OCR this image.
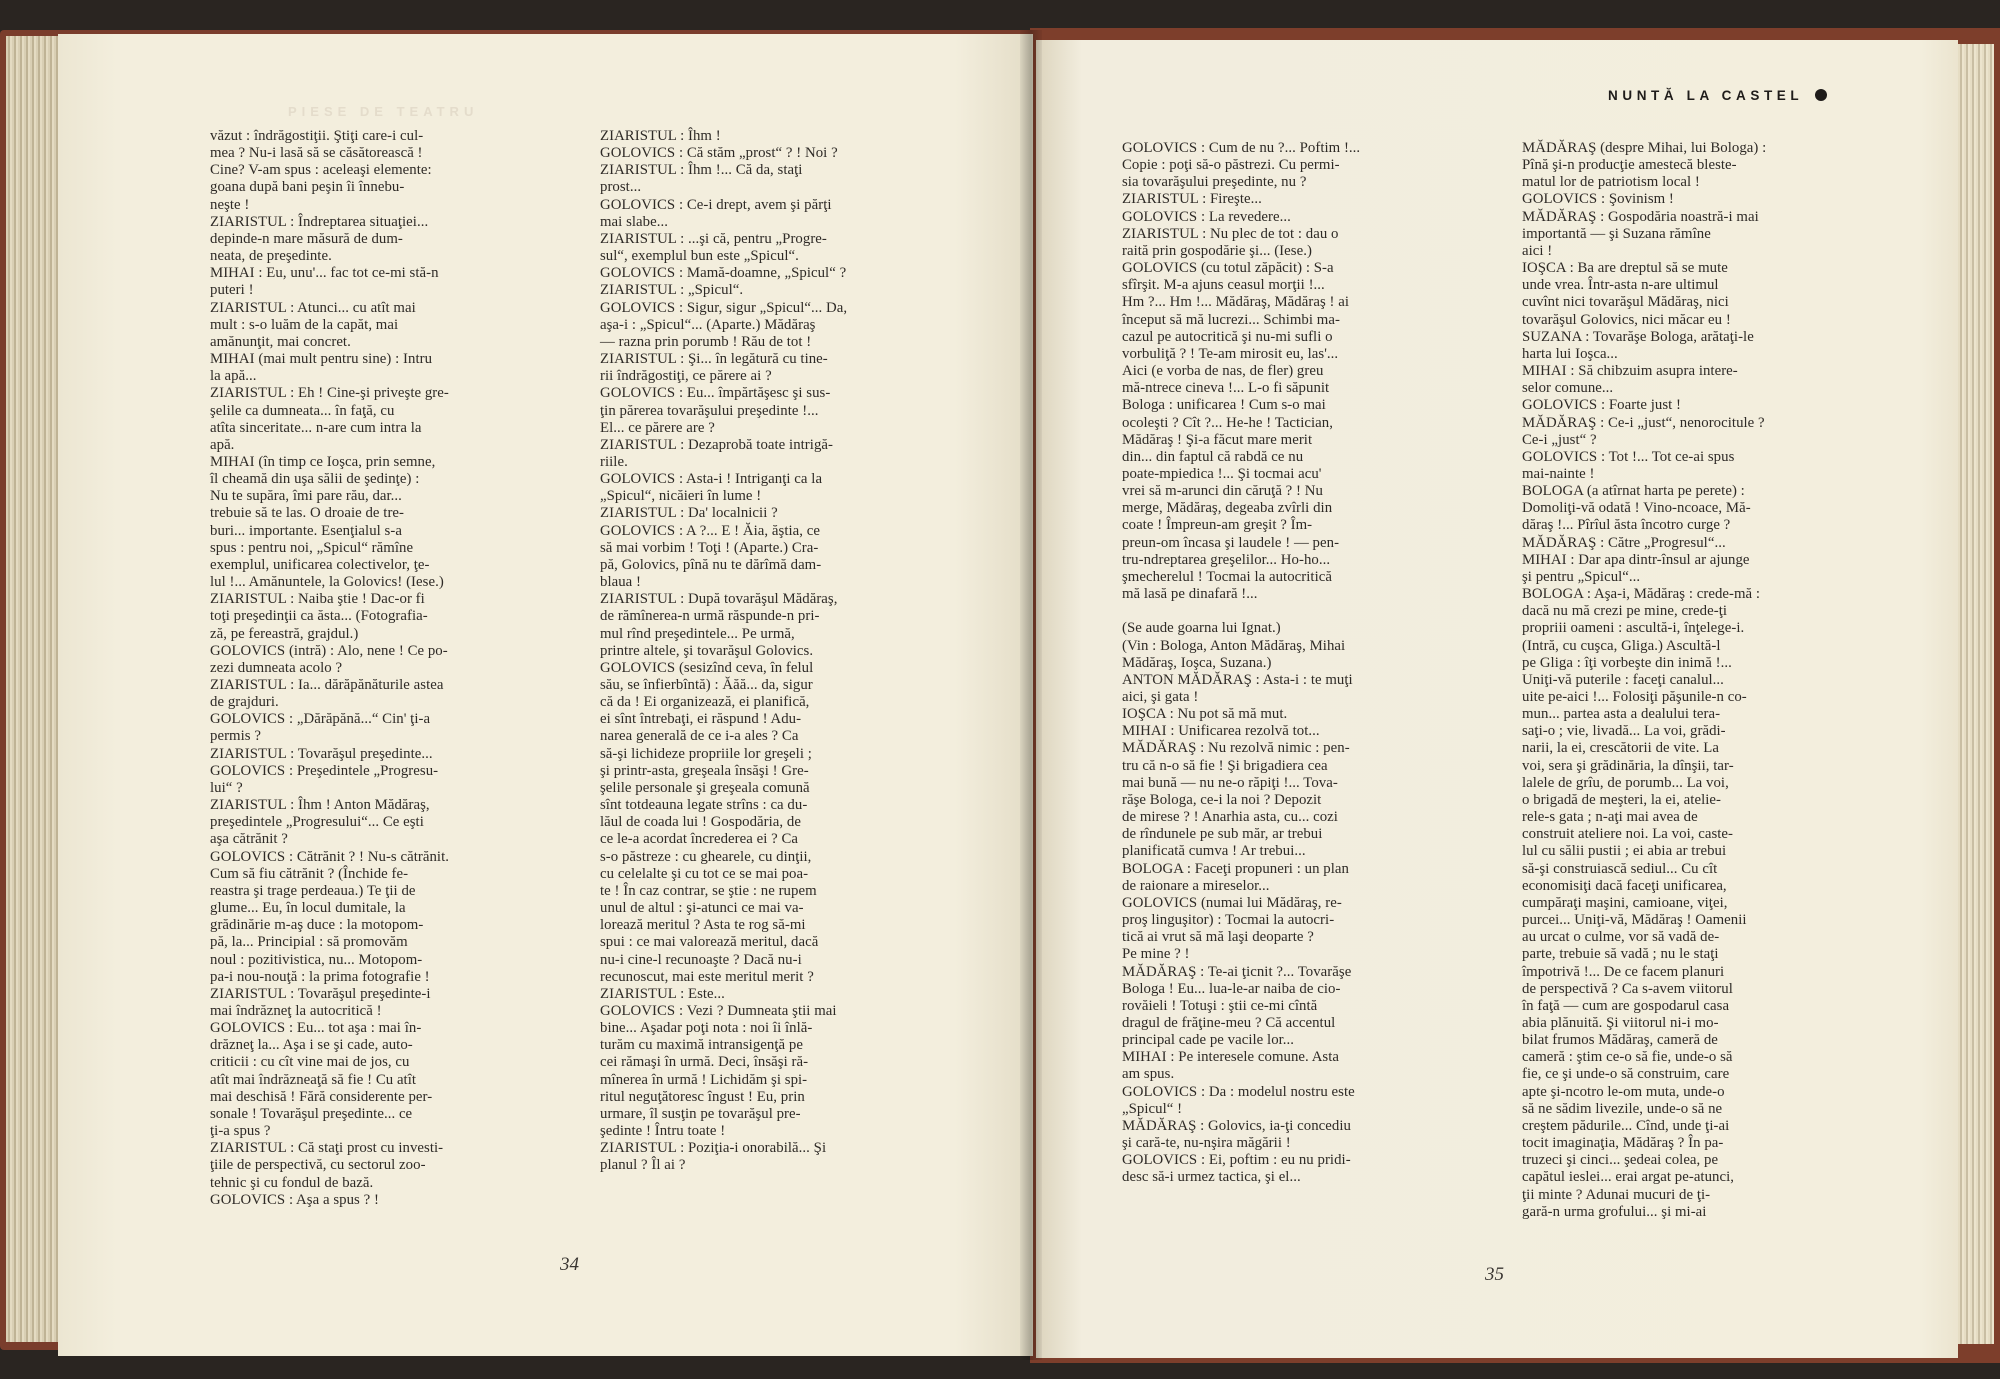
PIESE DE TEATRU
NUNTĂ LA CASTEL
văzut : îndrăgostiţii. Ştiţi care-i cul-
mea ? Nu-i lasă să se căsătorească !
Cine? V-am spus : aceleaşi elemente:
goana după bani peşin îi înnebu-
neşte !
ZIARISTUL : Îndreptarea situaţiei...
depinde-n mare măsură de dum-
neata, de preşedinte.
MIHAI : Eu, unu'... fac tot ce-mi stă-n
puteri !
ZIARISTUL : Atunci... cu atît mai
mult : s-o luăm de la capăt, mai
amănunţit, mai concret.
MIHAI (mai mult pentru sine) : Intru
la apă...
ZIARISTUL : Eh ! Cine-şi priveşte gre-
şelile ca dumneata... în faţă, cu
atîta sinceritate... n-are cum intra la
apă.
MIHAI (în timp ce Ioşca, prin semne,
îl cheamă din uşa sălii de şedinţe) :
Nu te supăra, îmi pare rău, dar...
trebuie să te las. O droaie de tre-
buri... importante. Esenţialul s-a
spus : pentru noi, „Spicul“ rămîne
exemplul, unificarea colectivelor, ţe-
lul !... Amănuntele, la Golovics! (Iese.)
ZIARISTUL : Naiba ştie ! Dac-or fi
toţi preşedinţii ca ăsta... (Fotografia-
ză, pe fereastră, grajdul.)
GOLOVICS (intră) : Alo, nene ! Ce po-
zezi dumneata acolo ?
ZIARISTUL : Ia... dărăpănăturile astea
de grajduri.
GOLOVICS : „Dărăpănă...“ Cin' ţi-a
permis ?
ZIARISTUL : Tovarăşul preşedinte...
GOLOVICS : Preşedintele „Progresu-
lui“ ?
ZIARISTUL : Îhm ! Anton Mădăraş,
preşedintele „Progresului“... Ce eşti
aşa cătrănit ?
GOLOVICS : Cătrănit ? ! Nu-s cătrănit.
Cum să fiu cătrănit ? (Închide fe-
reastra şi trage perdeaua.) Te ţii de
glume... Eu, în locul dumitale, la
grădinărie m-aş duce : la motopom-
pă, la... Principial : să promovăm
noul : pozitivistica, nu... Motopom-
pa-i nou-nouţă : la prima fotografie !
ZIARISTUL : Tovarăşul preşedinte-i
mai îndrăzneţ la autocritică !
GOLOVICS : Eu... tot aşa : mai în-
drăzneţ la... Aşa i se şi cade, auto-
criticii : cu cît vine mai de jos, cu
atît mai îndrăzneaţă să fie ! Cu atît
mai deschisă ! Fără considerente per-
sonale ! Tovarăşul preşedinte... ce
ţi-a spus ?
ZIARISTUL : Că staţi prost cu investi-
ţiile de perspectivă, cu sectorul zoo-
tehnic şi cu fondul de bază.
GOLOVICS : Aşa a spus ? !
ZIARISTUL : Îhm !
GOLOVICS : Că stăm „prost“ ? ! Noi ?
ZIARISTUL : Îhm !... Că da, staţi
prost...
GOLOVICS : Ce-i drept, avem şi părţi
mai slabe...
ZIARISTUL : ...şi că, pentru „Progre-
sul“, exemplul bun este „Spicul“.
GOLOVICS : Mamă-doamne, „Spicul“ ?
ZIARISTUL : „Spicul“.
GOLOVICS : Sigur, sigur „Spicul“... Da,
aşa-i : „Spicul“... (Aparte.) Mădăraş
— razna prin porumb ! Rău de tot !
ZIARISTUL : Şi... în legătură cu tine-
rii îndrăgostiţi, ce părere ai ?
GOLOVICS : Eu... împărtăşesc şi sus-
ţin părerea tovarăşului preşedinte !...
El... ce părere are ?
ZIARISTUL : Dezaprobă toate intrigă-
riile.
GOLOVICS : Asta-i ! Intriganţi ca la
„Spicul“, nicăieri în lume !
ZIARISTUL : Da' localnicii ?
GOLOVICS : A ?... E ! Ăia, ăştia, ce
să mai vorbim ! Toţi ! (Aparte.) Cra-
pă, Golovics, pînă nu te dărîmă dam-
blaua !
ZIARISTUL : După tovarăşul Mădăraş,
de rămînerea-n urmă răspunde-n pri-
mul rînd preşedintele... Pe urmă,
printre altele, şi tovarăşul Golovics.
GOLOVICS (sesizînd ceva, în felul
său, se înfierbîntă) : Ăăă... da, sigur
că da ! Ei organizează, ei planifică,
ei sînt întrebaţi, ei răspund ! Adu-
narea generală de ce i-a ales ? Ca
să-şi lichideze propriile lor greşeli ;
şi printr-asta, greşeala însăşi ! Gre-
şelile personale şi greşeala comună
sînt totdeauna legate strîns : ca du-
lăul de coada lui ! Gospodăria, de
ce le-a acordat încrederea ei ? Ca
s-o păstreze : cu ghearele, cu dinţii,
cu celelalte şi cu tot ce se mai poa-
te ! În caz contrar, se ştie : ne rupem
unul de altul : şi-atunci ce mai va-
lorează meritul ? Asta te rog să-mi
spui : ce mai valorează meritul, dacă
nu-i cine-l recunoaşte ? Dacă nu-i
recunoscut, mai este meritul merit ?
ZIARISTUL : Este...
GOLOVICS : Vezi ? Dumneata ştii mai
bine... Aşadar poţi nota : noi îi înlă-
turăm cu maximă intransigenţă pe
cei rămaşi în urmă. Deci, însăşi ră-
mînerea în urmă ! Lichidăm şi spi-
ritul neguţătoresc îngust ! Eu, prin
urmare, îl susţin pe tovarăşul pre-
şedinte ! Întru toate !
ZIARISTUL : Poziţia-i onorabilă... Şi
planul ? Îl ai ?
GOLOVICS : Cum de nu ?... Poftim !...
Copie : poţi să-o păstrezi. Cu permi-
sia tovarăşului preşedinte, nu ?
ZIARISTUL : Fireşte...
GOLOVICS : La revedere...
ZIARISTUL : Nu plec de tot : dau o
raită prin gospodărie şi... (Iese.)
GOLOVICS (cu totul zăpăcit) : S-a
sfîrşit. M-a ajuns ceasul morţii !...
Hm ?... Hm !... Mădăraş, Mădăraş ! ai
început să mă lucrezi... Schimbi ma-
cazul pe autocritică şi nu-mi sufli o
vorbuliţă ? ! Te-am mirosit eu, las'...
Aici (e vorba de nas, de fler) greu
mă-ntrece cineva !... L-o fi săpunit
Bologa : unificarea ! Cum s-o mai
ocoleşti ? Cît ?... He-he ! Tactician,
Mădăraş ! Şi-a făcut mare merit
din... din faptul că rabdă ce nu
poate-mpiedica !... Şi tocmai acu'
vrei să m-arunci din căruţă ? ! Nu
merge, Mădăraş, degeaba zvîrli din
coate ! Împreun-am greşit ? Îm-
preun-om încasa şi laudele ! — pen-
tru-ndreptarea greşelilor... Ho-ho...
şmecherelul ! Tocmai la autocritică
mă lasă pe dinafară !...

(Se aude goarna lui Ignat.)
(Vin : Bologa, Anton Mădăraş, Mihai
Mădăraş, Ioşca, Suzana.)
ANTON MĂDĂRAŞ : Asta-i : te muţi
aici, şi gata !
IOŞCA : Nu pot să mă mut.
MIHAI : Unificarea rezolvă tot...
MĂDĂRAŞ : Nu rezolvă nimic : pen-
tru că n-o să fie ! Şi brigadiera cea
mai bună — nu ne-o răpiţi !... Tova-
răşe Bologa, ce-i la noi ? Depozit
de mirese ? ! Anarhia asta, cu... cozi
de rîndunele pe sub măr, ar trebui
planificată cumva ! Ar trebui...
BOLOGA : Faceţi propuneri : un plan
de raionare a mireselor...
GOLOVICS (numai lui Mădăraş, re-
proş linguşitor) : Tocmai la autocri-
tică ai vrut să mă laşi deoparte ?
Pe mine ? !
MĂDĂRAŞ : Te-ai ţicnit ?... Tovarăşe
Bologa ! Eu... lua-le-ar naiba de cio-
rovăieli ! Totuşi : ştii ce-mi cîntă
dragul de frăţine-meu ? Că accentul
principal cade pe vacile lor...
MIHAI : Pe interesele comune. Asta
am spus.
GOLOVICS : Da : modelul nostru este
„Spicul“ !
MĂDĂRAŞ : Golovics, ia-ţi concediu
şi cară-te, nu-nşira măgării !
GOLOVICS : Ei, poftim : eu nu pridi-
desc să-i urmez tactica, şi el...
MĂDĂRAŞ (despre Mihai, lui Bologa) :
Pînă şi-n producţie amestecă bleste-
matul lor de patriotism local !
GOLOVICS : Şovinism !
MĂDĂRAŞ : Gospodăria noastră-i mai
importantă — şi Suzana rămîne
aici !
IOŞCA : Ba are dreptul să se mute
unde vrea. Într-asta n-are ultimul
cuvînt nici tovarăşul Mădăraş, nici
tovarăşul Golovics, nici măcar eu !
SUZANA : Tovarăşe Bologa, arătaţi-le
harta lui Ioşca...
MIHAI : Să chibzuim asupra intere-
selor comune...
GOLOVICS : Foarte just !
MĂDĂRAŞ : Ce-i „just“, nenorocitule ?
Ce-i „just“ ?
GOLOVICS : Tot !... Tot ce-ai spus
mai-nainte !
BOLOGA (a atîrnat harta pe perete) :
Domoliţi-vă odată ! Vino-ncoace, Mă-
dăraş !... Pîrîul ăsta încotro curge ?
MĂDĂRAŞ : Către „Progresul“...
MIHAI : Dar apa dintr-însul ar ajunge
şi pentru „Spicul“...
BOLOGA : Aşa-i, Mădăraş : crede-mă :
dacă nu mă crezi pe mine, crede-ţi
propriii oameni : ascultă-i, înţelege-i.
(Intră, cu cuşca, Gliga.) Ascultă-l
pe Gliga : îţi vorbeşte din inimă !...
Uniţi-vă puterile : faceţi canalul...
uite pe-aici !... Folosiţi păşunile-n co-
mun... partea asta a dealului tera-
saţi-o ; vie, livadă... La voi, grădi-
narii, la ei, crescătorii de vite. La
voi, sera şi grădinăria, la dînşii, tar-
lalele de grîu, de porumb... La voi,
o brigadă de meşteri, la ei, atelie-
rele-s gata ; n-aţi mai avea de
construit ateliere noi. La voi, caste-
lul cu sălii pustii ; ei abia ar trebui
să-şi construiască sediul... Cu cît
economisiţi dacă faceţi unificarea,
cumpăraţi maşini, camioane, viţei,
purcei... Uniţi-vă, Mădăraş ! Oamenii
au urcat o culme, vor să vadă de-
parte, trebuie să vadă ; nu le staţi
împotrivă !... De ce facem planuri
de perspectivă ? Ca s-avem viitorul
în faţă — cum are gospodarul casa
abia plănuită. Şi viitorul ni-i mo-
bilat frumos Mădăraş, cameră de
cameră : ştim ce-o să fie, unde-o să
fie, ce şi unde-o să construim, care
apte şi-ncotro le-om muta, unde-o
să ne sădim livezile, unde-o să ne
creştem pădurile... Cînd, unde ţi-ai
tocit imaginaţia, Mădăraş ? În pa-
truzeci şi cinci... şedeai colea, pe
capătul ieslei... erai argat pe-atunci,
ţii minte ? Adunai mucuri de ţi-
gară-n urma grofului... şi mi-ai
34	35
